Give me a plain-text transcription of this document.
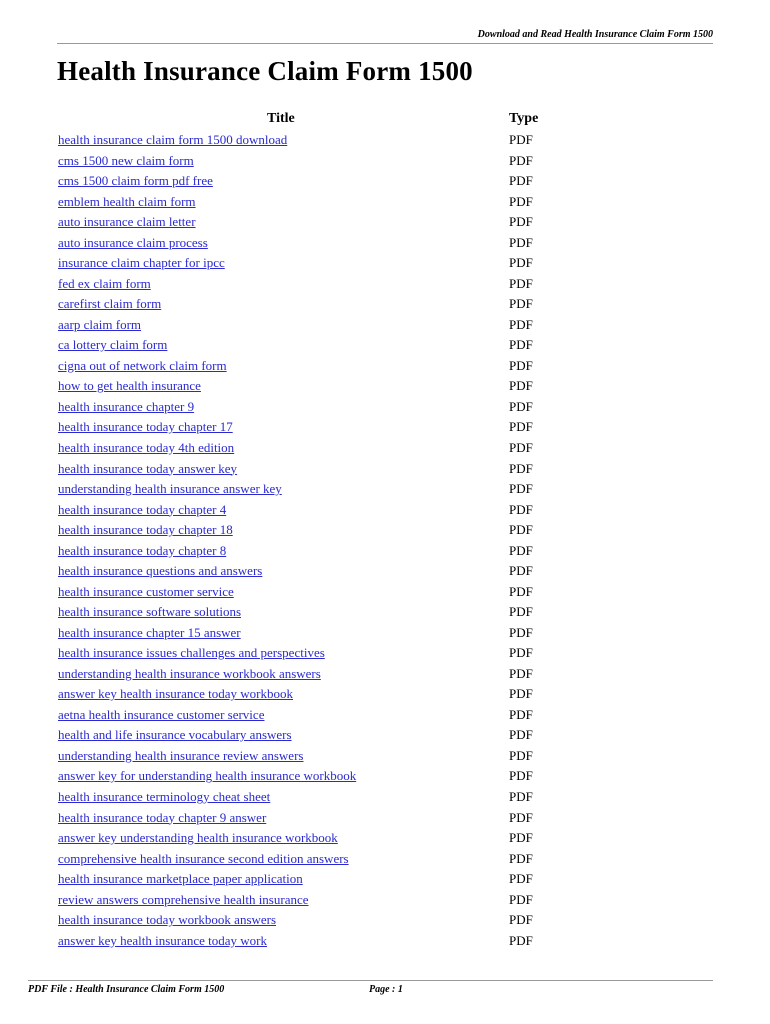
Download and Read Health Insurance Claim Form 1500
Health Insurance Claim Form 1500
Title	Type
health insurance claim form 1500 download	PDF
cms 1500 new claim form	PDF
cms 1500 claim form pdf free	PDF
emblem health claim form	PDF
auto insurance claim letter	PDF
auto insurance claim process	PDF
insurance claim chapter for ipcc	PDF
fed ex claim form	PDF
carefirst claim form	PDF
aarp claim form	PDF
ca lottery claim form	PDF
cigna out of network claim form	PDF
how to get health insurance	PDF
health insurance chapter 9	PDF
health insurance today chapter 17	PDF
health insurance today 4th edition	PDF
health insurance today answer key	PDF
understanding health insurance answer key	PDF
health insurance today chapter 4	PDF
health insurance today chapter 18	PDF
health insurance today chapter 8	PDF
health insurance questions and answers	PDF
health insurance customer service	PDF
health insurance software solutions	PDF
health insurance chapter 15 answer	PDF
health insurance issues challenges and perspectives	PDF
understanding health insurance workbook answers	PDF
answer key health insurance today workbook	PDF
aetna health insurance customer service	PDF
health and life insurance vocabulary answers	PDF
understanding health insurance review answers	PDF
answer key for understanding health insurance workbook	PDF
health insurance terminology cheat sheet	PDF
health insurance today chapter 9 answer	PDF
answer key understanding health insurance workbook	PDF
comprehensive health insurance second edition answers	PDF
health insurance marketplace paper application	PDF
review answers comprehensive health insurance	PDF
health insurance today workbook answers	PDF
answer key health insurance today work	PDF
PDF File : Health Insurance Claim Form 1500	Page : 1
